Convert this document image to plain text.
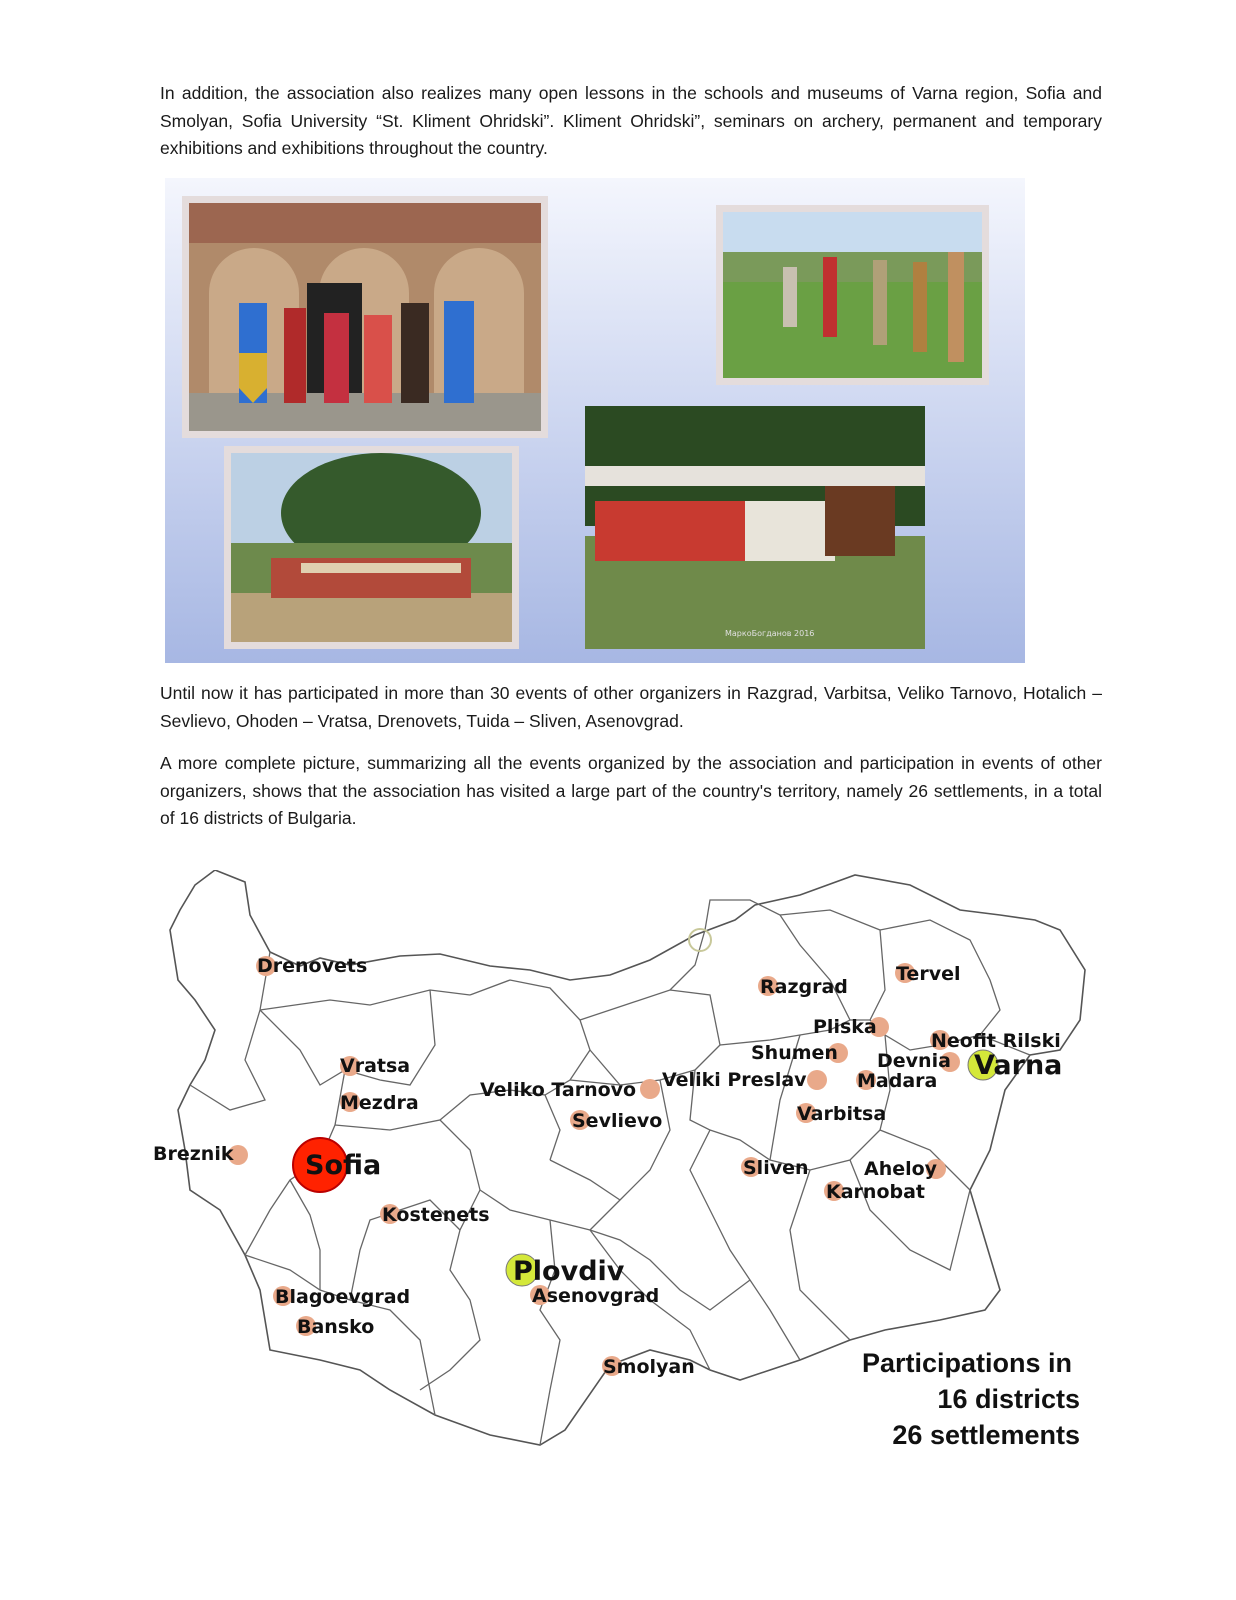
In addition, the association also realizes many open lessons in the schools and museums of Varna region, Sofia and Smolyan, Sofia University “St. Kliment Ohridski”. Kliment Ohridski”, seminars on archery, permanent and temporary exhibitions and exhibitions throughout the country.

МаркоБогданов 2016

Until now it has participated in more than 30 events of other organizers in Razgrad, Varbitsa, Veliko Tarnovo, Hotalich – Sevlievo, Ohoden – Vratsa, Drenovets, Tuida – Sliven, Asenovgrad.

A more complete picture, summarizing all the events organized by the association and participation in events of other organizers, shows that the association has visited a large part of the country's territory, namely 26 settlements, in a total of 16 districts of Bulgaria.

Drenovets
Vratsa
Mezdra
Breznik	Sofia
Kostenets
Blagoevgrad
Bansko
Veliko Tarnovo
Sevlievo
Plovdiv
Asenovgrad
Smolyan
Razgrad
Tervel
Pliska
Shumen
Veliki Preslav
Varbitsa
Neofit Rilski
Devnia
Madara Varna
Sliven	Aheloy
Karnobat
Participations in
16 districts
26 settlements
